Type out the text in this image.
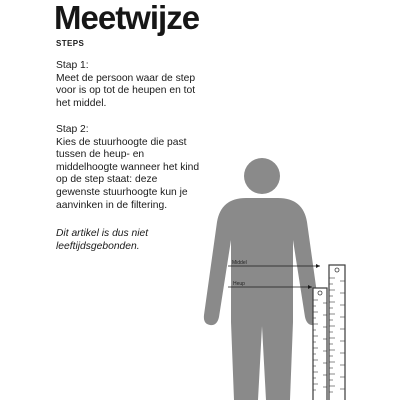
Meetwijze
STEPS
Stap 1:
Meet de persoon waar de step
voor is op tot de heupen en tot
het middel.
Stap 2:
Kies de stuurhoogte die past
tussen de heup- en
middelhoogte wanneer het kind
op de step staat: deze
gewenste stuurhoogte kun je
aanvinken in de filtering.
Dit artikel is dus niet
leeftijdsgebonden.
Middel
Heup
